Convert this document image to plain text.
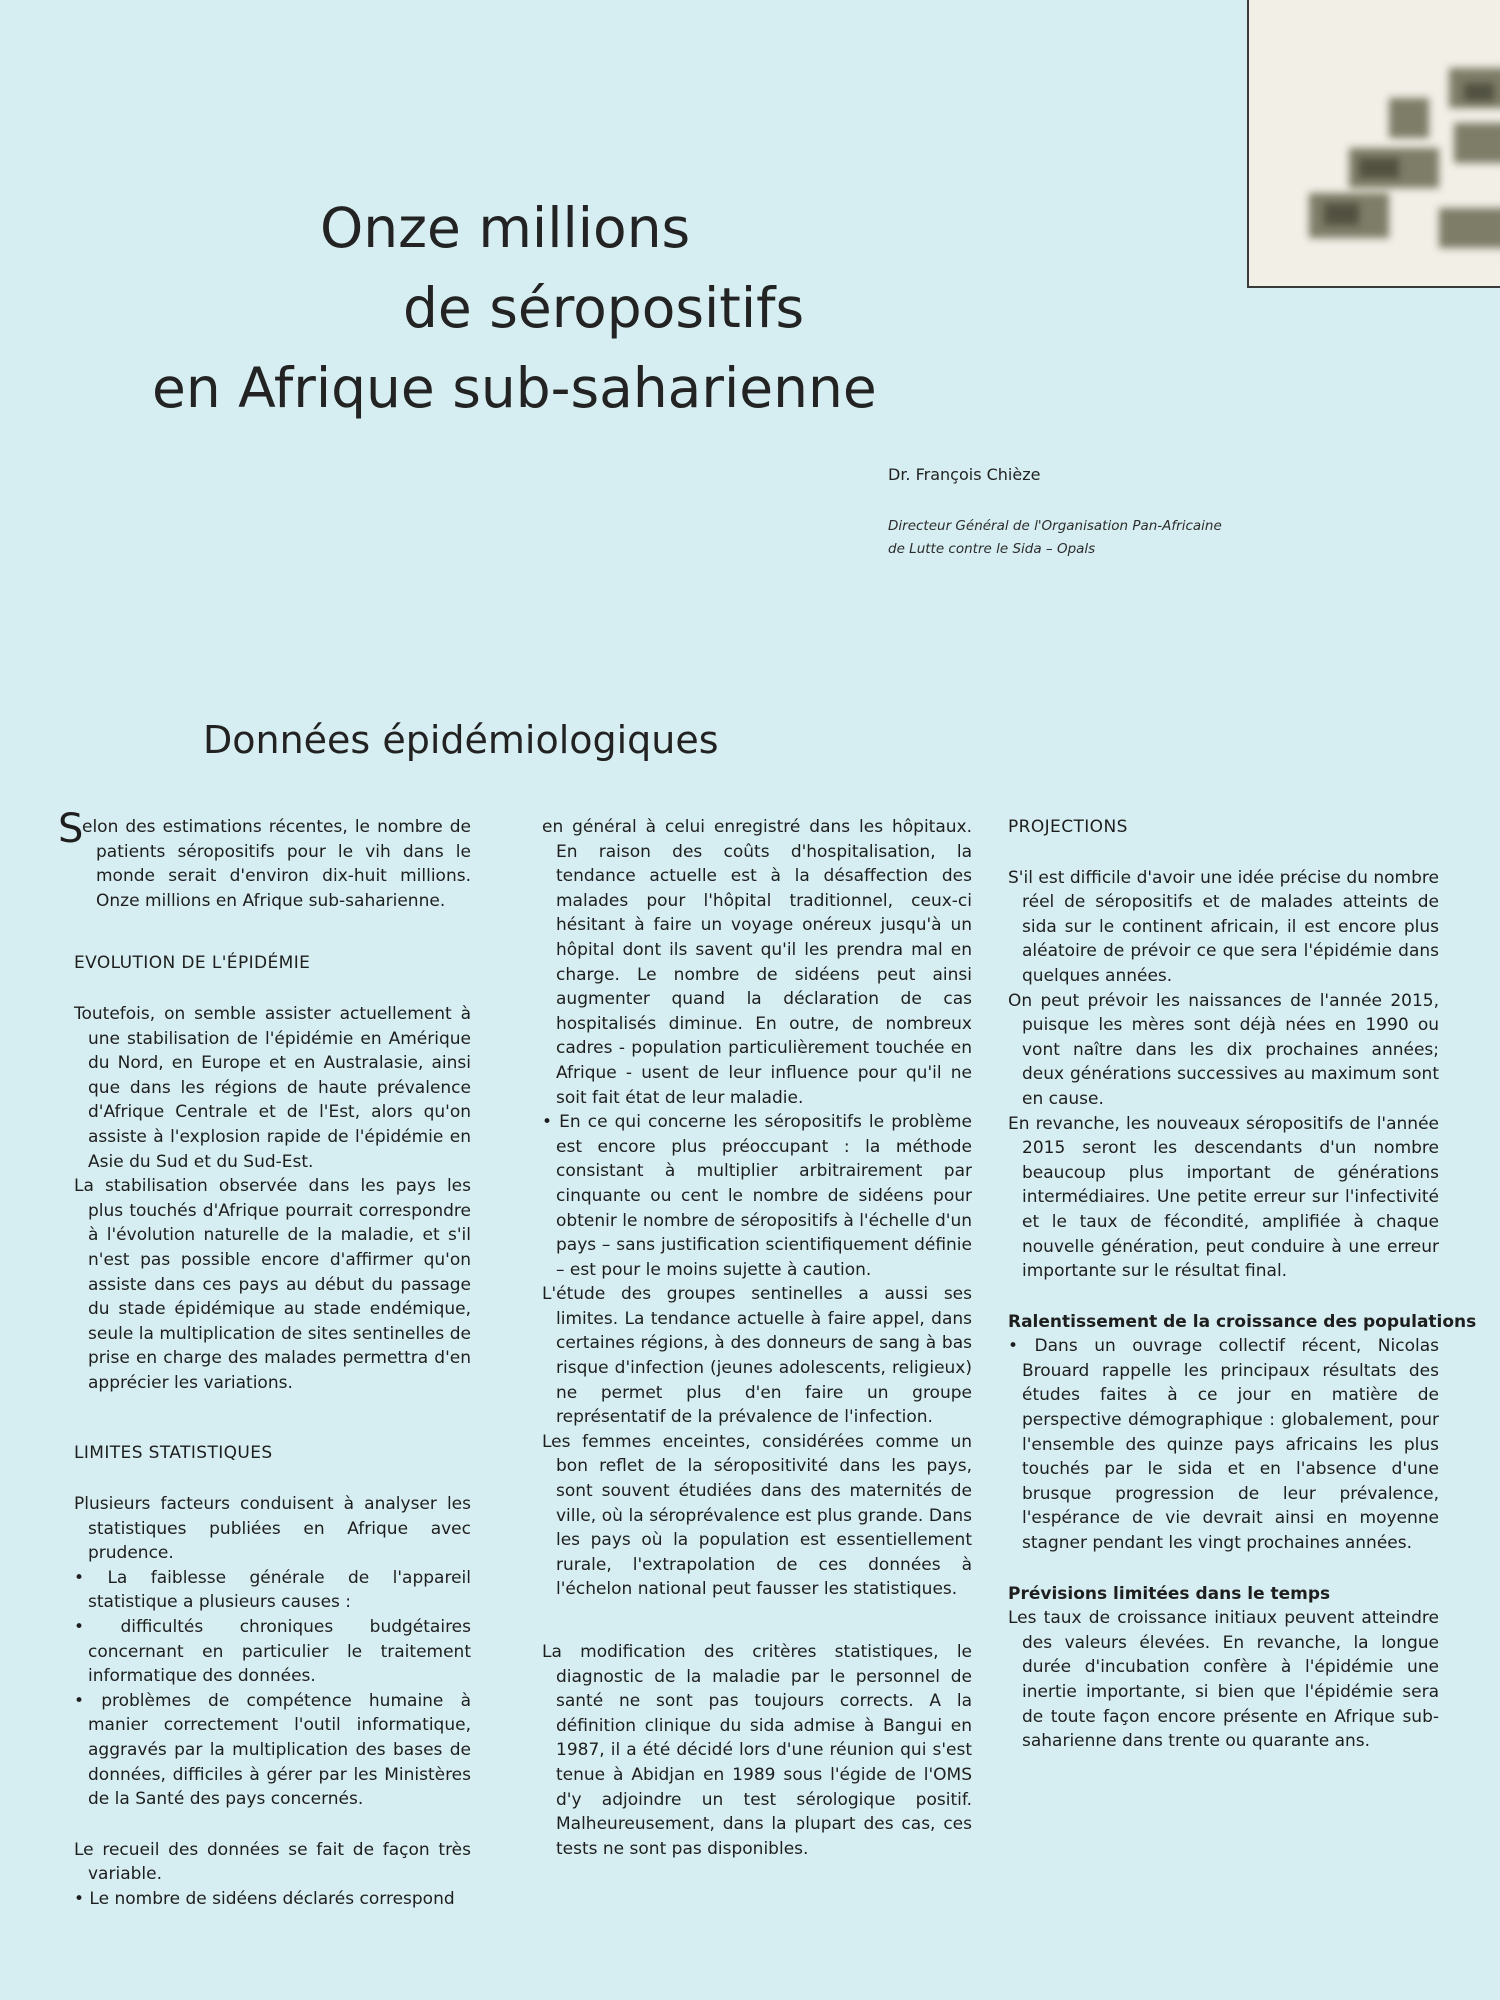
Onze millions
de séropositifs
en Afrique sub-saharienne
Dr. François Chièze
Directeur Général de l'Organisation Pan-Africaine
de Lutte contre le Sida – Opals
Données épidémiologiques

S
elon des estimations récentes, le nombre de patients séropositifs pour le vih dans le monde serait d'environ dix-huit millions. Onze millions en Afrique sub-saharienne.

EVOLUTION DE L'ÉPIDÉMIE

Toutefois, on semble assister actuellement à une stabilisation de l'épidémie en Amérique du Nord, en Europe et en Australasie, ainsi que dans les régions de haute prévalence d'Afrique Centrale et de l'Est, alors qu'on assiste à l'explosion rapide de l'épidémie en Asie du Sud et du Sud-Est.

La stabilisation observée dans les pays les plus touchés d'Afrique pourrait correspondre à l'évolution naturelle de la maladie, et s'il n'est pas possible encore d'affirmer qu'on assiste dans ces pays au début du passage du stade épidémique au stade endémique, seule la multiplication de sites sentinelles de prise en charge des malades permettra d'en apprécier les variations.

LIMITES STATISTIQUES

Plusieurs facteurs conduisent à analyser les statistiques publiées en Afrique avec prudence.

• La faiblesse générale de l'appareil statistique a plusieurs causes :

• difficultés chroniques budgétaires concernant en particulier le traitement informatique des données.

• problèmes de compétence humaine à manier correctement l'outil informatique, aggravés par la multiplication des bases de données, difficiles à gérer par les Ministères de la Santé des pays concernés.

Le recueil des données se fait de façon très variable.

• Le nombre de sidéens déclarés correspond

en général à celui enregistré dans les hôpitaux. En raison des coûts d'hospitalisation, la tendance actuelle est à la désaffection des malades pour l'hôpital traditionnel, ceux-ci hésitant à faire un voyage onéreux jusqu'à un hôpital dont ils savent qu'il les prendra mal en charge. Le nombre de sidéens peut ainsi augmenter quand la déclaration de cas hospitalisés diminue. En outre, de nombreux cadres - population particulièrement touchée en Afrique - usent de leur influence pour qu'il ne soit fait état de leur maladie.

• En ce qui concerne les séropositifs le problème est encore plus préoccupant : la méthode consistant à multiplier arbitrairement par cinquante ou cent le nombre de sidéens pour obtenir le nombre de séropositifs à l'échelle d'un pays – sans justification scientifiquement définie – est pour le moins sujette à caution.

L'étude des groupes sentinelles a aussi ses limites. La tendance actuelle à faire appel, dans certaines régions, à des donneurs de sang à bas risque d'infection (jeunes adolescents, religieux) ne permet plus d'en faire un groupe représentatif de la prévalence de l'infection.

Les femmes enceintes, considérées comme un bon reflet de la séropositivité dans les pays, sont souvent étudiées dans des maternités de ville, où la séroprévalence est plus grande. Dans les pays où la population est essentiellement rurale, l'extrapolation de ces données à l'échelon national peut fausser les statistiques.

La modification des critères statistiques, le diagnostic de la maladie par le personnel de santé ne sont pas toujours corrects. A la définition clinique du sida admise à Bangui en 1987, il a été décidé lors d'une réunion qui s'est tenue à Abidjan en 1989 sous l'égide de l'OMS d'y adjoindre un test sérologique positif. Malheureusement, dans la plupart des cas, ces tests ne sont pas disponibles.

PROJECTIONS

S'il est difficile d'avoir une idée précise du nombre réel de séropositifs et de malades atteints de sida sur le continent africain, il est encore plus aléatoire de prévoir ce que sera l'épidémie dans quelques années.

On peut prévoir les naissances de l'année 2015, puisque les mères sont déjà nées en 1990 ou vont naître dans les dix prochaines années; deux générations successives au maximum sont en cause.

En revanche, les nouveaux séropositifs de l'année 2015 seront les descendants d'un nombre beaucoup plus important de générations intermédiaires. Une petite erreur sur l'infectivité et le taux de fécondité, amplifiée à chaque nouvelle génération, peut conduire à une erreur importante sur le résultat final.

Ralentissement de la croissance des populations

• Dans un ouvrage collectif récent, Nicolas Brouard rappelle les principaux résultats des études faites à ce jour en matière de perspective démographique : globalement, pour l'ensemble des quinze pays africains les plus touchés par le sida et en l'absence d'une brusque progression de leur prévalence, l'espérance de vie devrait ainsi en moyenne stagner pendant les vingt prochaines années.

Prévisions limitées dans le temps

Les taux de croissance initiaux peuvent atteindre des valeurs élevées. En revanche, la longue durée d'incubation confère à l'épidémie une inertie importante, si bien que l'épidémie sera de toute façon encore présente en Afrique sub-saharienne dans trente ou quarante ans.
